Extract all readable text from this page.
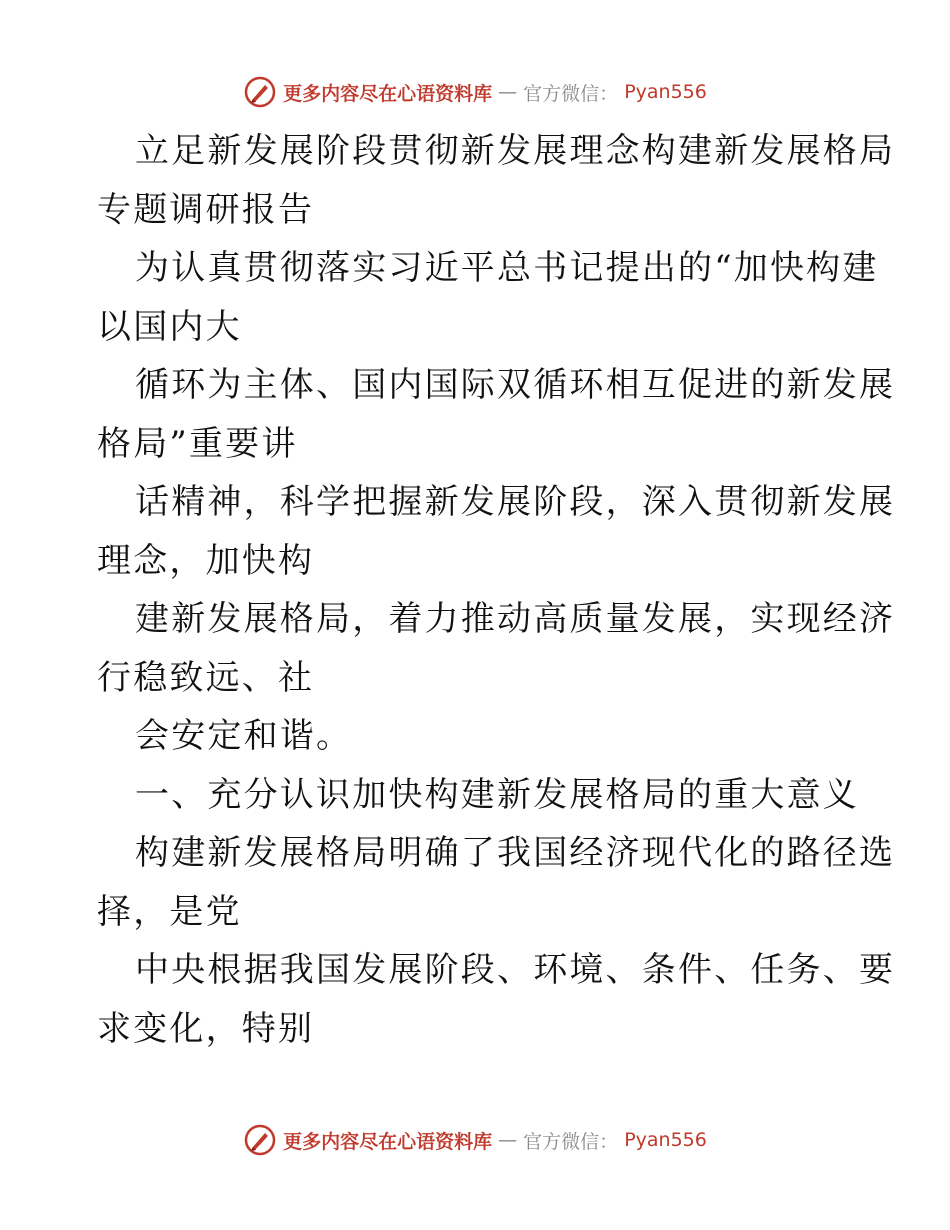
更多内容尽在心语资料库 — 官方微信： Pyan556
立足新发展阶段贯彻新发展理念构建新发展格局
专题调研报告
为认真贯彻落实习近平总书记提出的“加快构建
以国内大
循环为主体、国内国际双循环相互促进的新发展
格局”重要讲
话精神，科学把握新发展阶段，深入贯彻新发展
理念，加快构
建新发展格局，着力推动高质量发展，实现经济
行稳致远、社
会安定和谐。
一、充分认识加快构建新发展格局的重大意义
构建新发展格局明确了我国经济现代化的路径选
择，是党
中央根据我国发展阶段、环境、条件、任务、要
求变化，特别
更多内容尽在心语资料库 — 官方微信： Pyan556
